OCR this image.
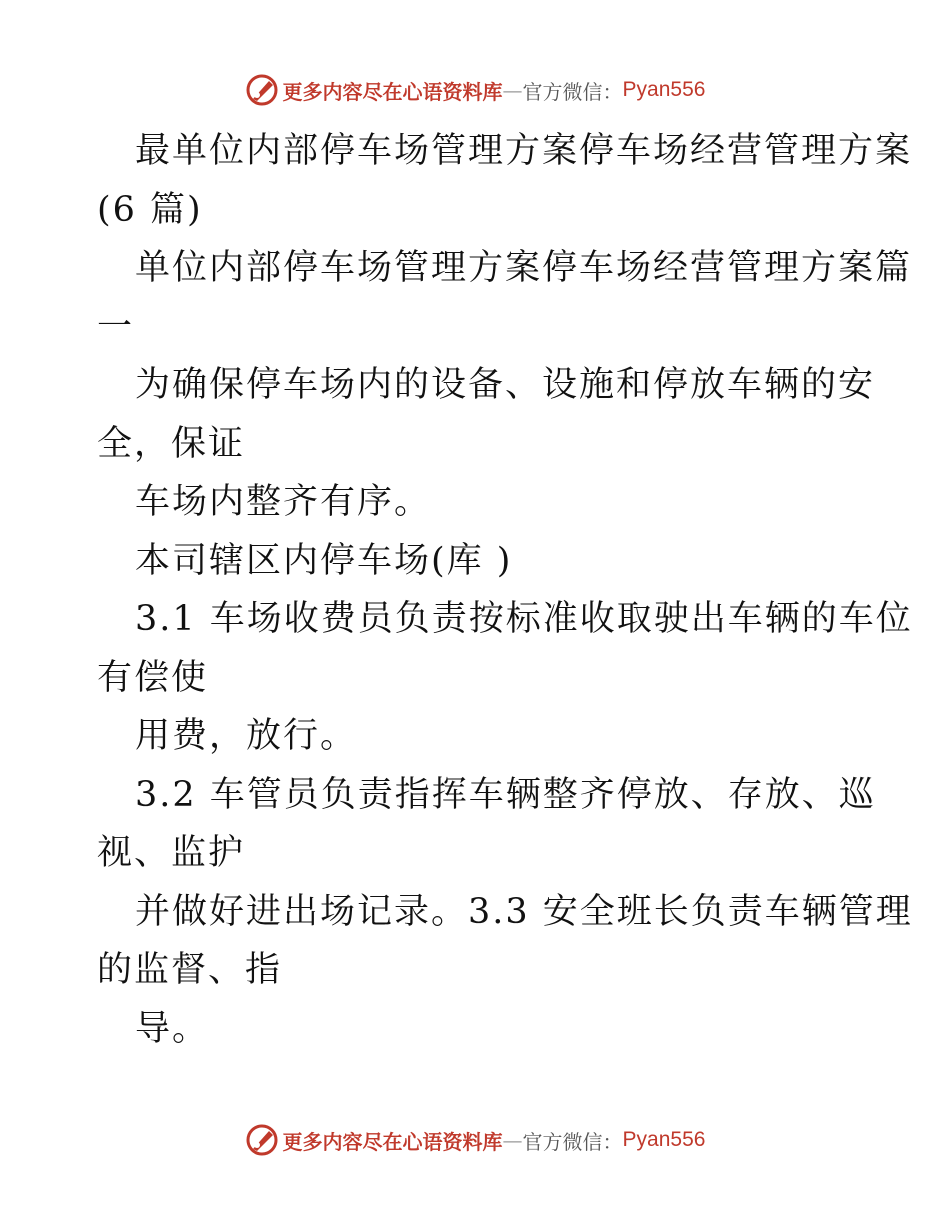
更多内容尽在心语资料库 — 官方微信： Pyan556
最单位内部停车场管理方案停车场经营管理方案
(6 篇)
单位内部停车场管理方案停车场经营管理方案篇
一
为确保停车场内的设备、设施和停放车辆的安
全，保证
车场内整齐有序。
本司辖区内停车场(库 )
3.1 车场收费员负责按标准收取驶出车辆的车位
有偿使
用费，放行。
3.2 车管员负责指挥车辆整齐停放、存放、巡
视、监护
并做好进出场记录。3.3 安全班长负责车辆管理
的监督、指
导。
更多内容尽在心语资料库 — 官方微信： Pyan556
